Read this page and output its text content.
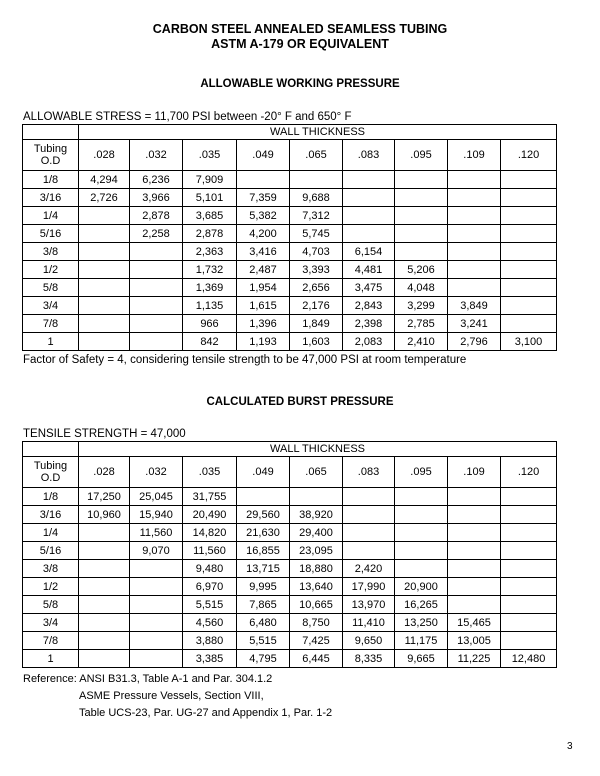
CARBON STEEL ANNEALED SEAMLESS TUBING
ASTM A-179 OR EQUIVALENT
ALLOWABLE WORKING PRESSURE
ALLOWABLE STRESS = 11,700 PSI between -20° F and 650° F
	WALL THICKNESS								
Tubing
O.D	.028	.032	.035	.049	.065	.083	.095	.109	.120
1/8	4,294	6,236	7,909						
3/16	2,726	3,966	5,101	7,359	9,688				
1/4		2,878	3,685	5,382	7,312				
5/16		2,258	2,878	4,200	5,745				
3/8			2,363	3,416	4,703	6,154			
1/2			1,732	2,487	3,393	4,481	5,206		
5/8			1,369	1,954	2,656	3,475	4,048		
3/4			1,135	1,615	2,176	2,843	3,299	3,849	
7/8			966	1,396	1,849	2,398	2,785	3,241	
1			842	1,193	1,603	2,083	2,410	2,796	3,100
Factor of Safety = 4, considering tensile strength to be 47,000 PSI at room temperature
CALCULATED BURST PRESSURE
TENSILE STRENGTH = 47,000
	WALL THICKNESS								
Tubing
O.D	.028	.032	.035	.049	.065	.083	.095	.109	.120
1/8	17,250	25,045	31,755						
3/16	10,960	15,940	20,490	29,560	38,920				
1/4		11,560	14,820	21,630	29,400				
5/16		9,070	11,560	16,855	23,095				
3/8			9,480	13,715	18,880	2,420			
1/2			6,970	9,995	13,640	17,990	20,900		
5/8			5,515	7,865	10,665	13,970	16,265		
3/4			4,560	6,480	8,750	11,410	13,250	15,465	
7/8			3,880	5,515	7,425	9,650	11,175	13,005	
1			3,385	4,795	6,445	8,335	9,665	11,225	12,480
Reference: ANSI B31.3, Table A-1 and Par. 304.1.2
ASME Pressure Vessels, Section VIII,
Table UCS-23, Par. UG-27 and Appendix 1, Par. 1-2
3
